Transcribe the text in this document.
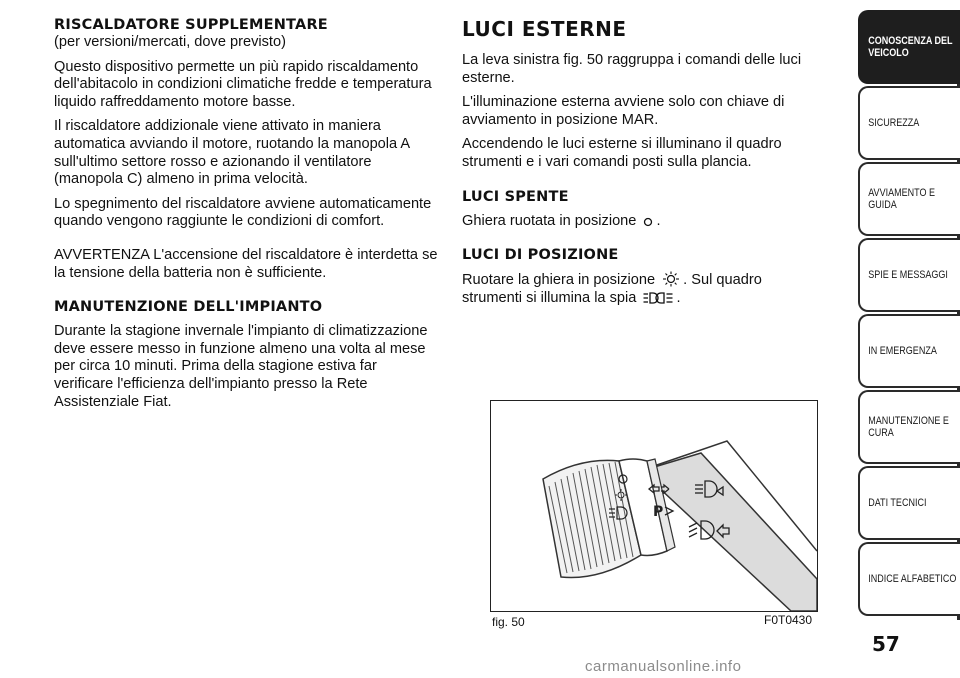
RISCALDATORE SUPPLEMENTARE

(per versioni/mercati, dove previsto)

Questo dispositivo permette un più rapido riscaldamento dell'abitacolo in condizioni climatiche fredde e temperatura liquido raffreddamento motore basse.

Il riscaldatore addizionale viene attivato in maniera automatica avviando il motore, ruotando la manopola A sull'ultimo settore rosso e azionando il ventilatore (manopola C) almeno in prima velocità.

Lo spegnimento del riscaldatore avviene automaticamente quando vengono raggiunte le condizioni di comfort.

AVVERTENZA L'accensione del riscaldatore è interdetta se la tensione della batteria non è sufficiente.

MANUTENZIONE DELL'IMPIANTO

Durante la stagione invernale l'impianto di climatizzazione deve essere messo in funzione almeno una volta al mese per circa 10 minuti. Prima della stagione estiva far verificare l'efficienza dell'impianto presso la Rete Assistenziale Fiat.

LUCI ESTERNE

La leva sinistra fig. 50 raggruppa i comandi delle luci esterne.

L'illuminazione esterna avviene solo con chiave di avviamento in posizione MAR.

Accendendo le luci esterne si illuminano il quadro strumenti e i vari comandi posti sulla plancia.

LUCI SPENTE

Ghiera ruotata in posizione .

LUCI DI POSIZIONE

Ruotare la ghiera in posizione . Sul quadro
strumenti si illumina la spia	.

P
fig. 50	F0T0430
CONOSCENZA DEL
VEICOLO
SICUREZZA
AVVIAMENTO E
GUIDA
SPIE E MESSAGGI
IN EMERGENZA
MANUTENZIONE E
CURA
DATI TECNICI
INDICE ALFABETICO
57
carmanualsonline.info
